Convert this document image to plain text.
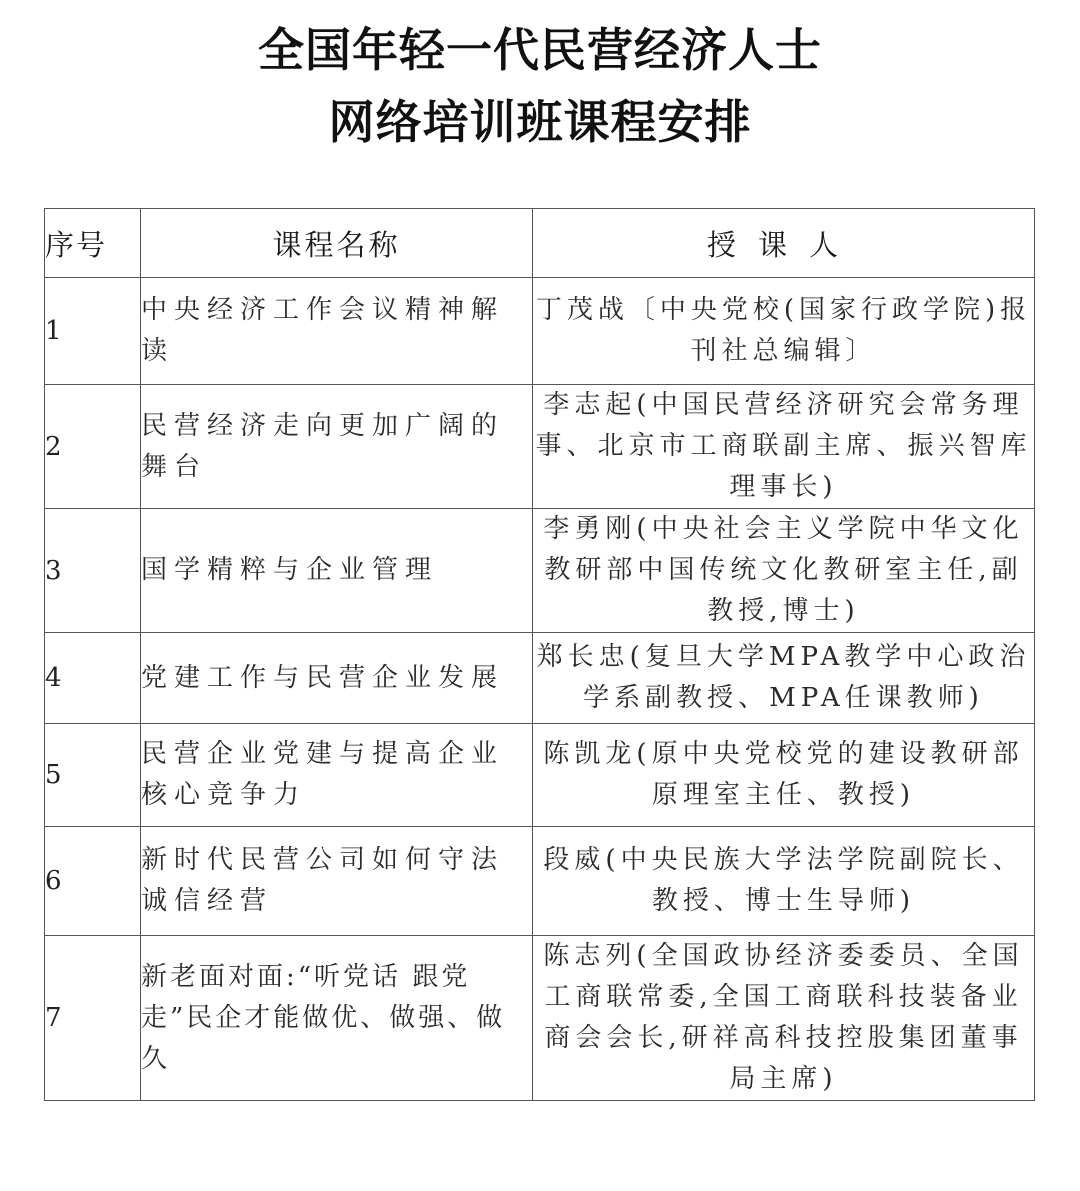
全国年轻一代民营经济人士
网络培训班课程安排
序号	课程名称	授课人
1	中央经济工作会议精神解读	丁茂战〔中央党校(国家行政学院)报刊社总编辑〕
2	民营经济走向更加广阔的舞台	李志起(中国民营经济研究会常务理事、北京市工商联副主席、振兴智库理事长)
3	国学精粹与企业管理	李勇刚(中央社会主义学院中华文化教研部中国传统文化教研室主任,副教授,博士)
4	党建工作与民营企业发展	郑长忠(复旦大学MPA教学中心政治学系副教授、MPA任课教师)
5	民营企业党建与提高企业核心竞争力	陈凯龙(原中央党校党的建设教研部原理室主任、教授)
6	新时代民营公司如何守法诚信经营	段威(中央民族大学法学院副院长、教授、博士生导师)
7	新老面对面:“听党话 跟党走”民企才能做优、做强、做久	陈志列(全国政协经济委委员、全国工商联常委,全国工商联科技装备业商会会长,研祥高科技控股集团董事局主席)
